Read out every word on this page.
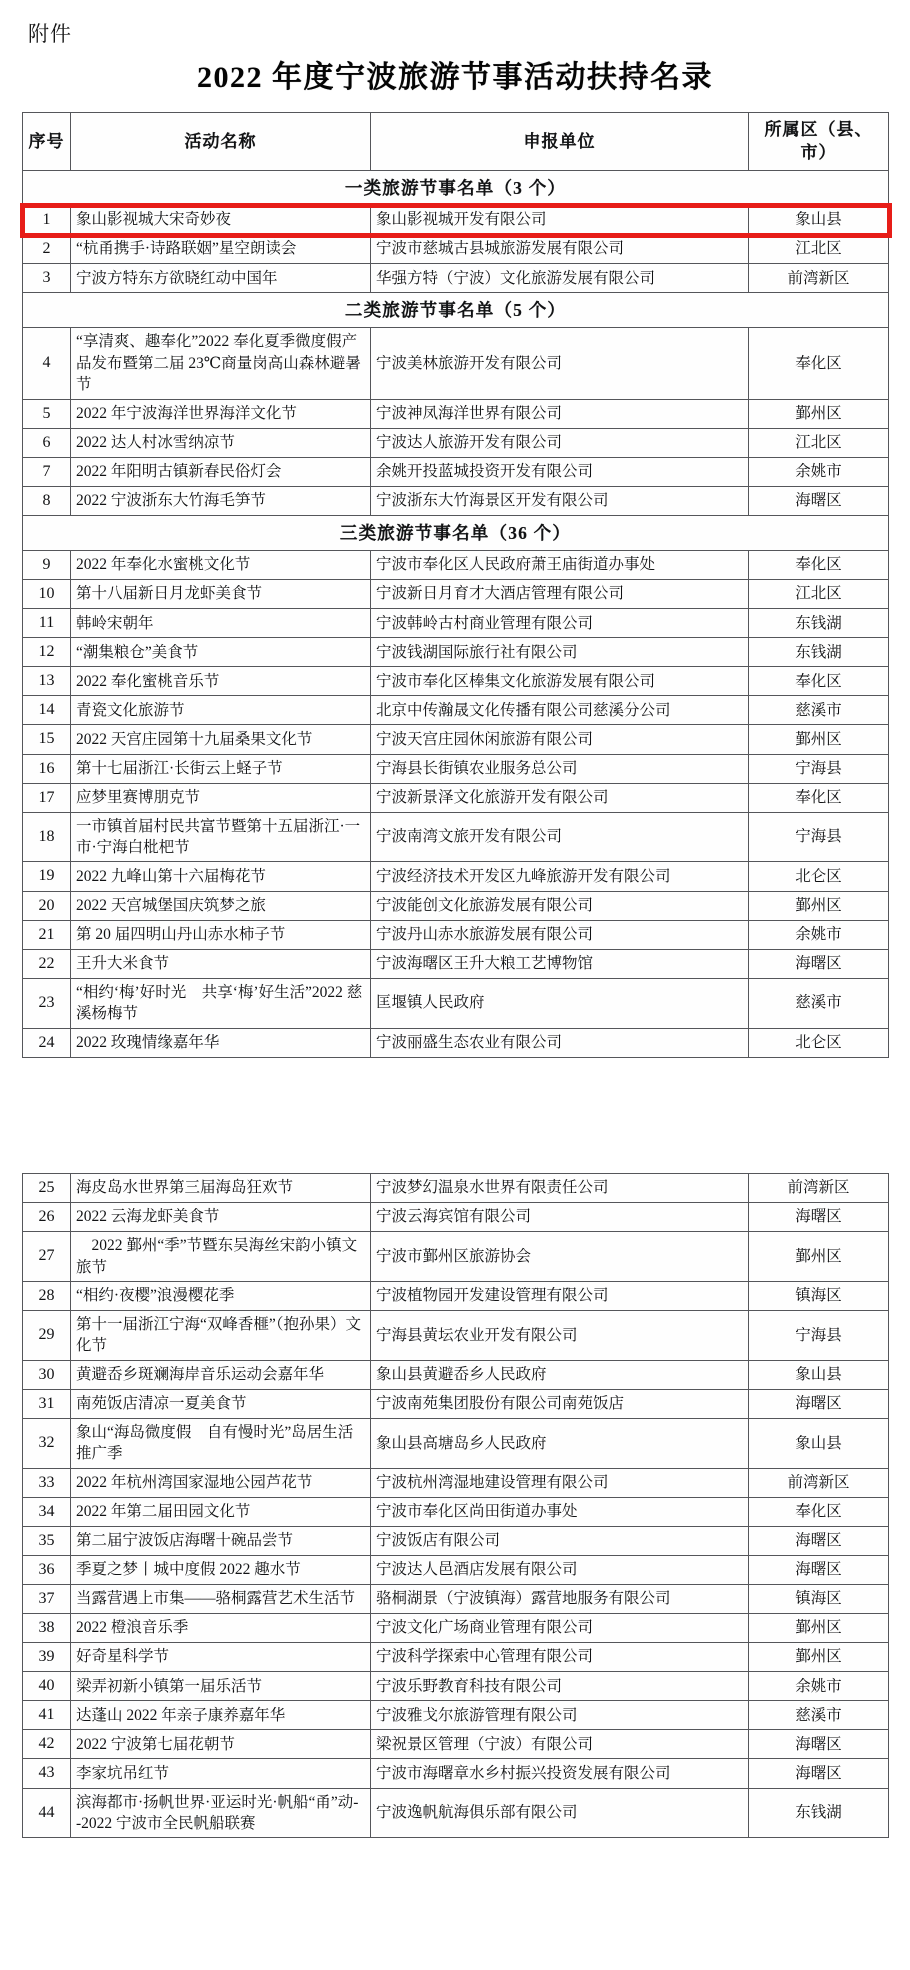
附件
2022 年度宁波旅游节事活动扶持名录
序号	活动名称	申报单位	所属区（县、市）
一类旅游节事名单（3 个）			
1	象山影视城大宋奇妙夜	象山影视城开发有限公司	象山县
2	“杭甬携手·诗路联姻”星空朗读会	宁波市慈城古县城旅游发展有限公司	江北区
3	宁波方特东方欲晓红动中国年	华强方特（宁波）文化旅游发展有限公司	前湾新区
二类旅游节事名单（5 个）			
4	“享清爽、趣奉化”2022 奉化夏季微度假产品发布暨第二届 23℃商量岗高山森林避暑节	宁波美林旅游开发有限公司	奉化区
5	2022 年宁波海洋世界海洋文化节	宁波神凤海洋世界有限公司	鄞州区
6	2022 达人村冰雪纳凉节	宁波达人旅游开发有限公司	江北区
7	2022 年阳明古镇新春民俗灯会	余姚开投蓝城投资开发有限公司	余姚市
8	2022 宁波浙东大竹海毛笋节	宁波浙东大竹海景区开发有限公司	海曙区
三类旅游节事名单（36 个）			
9	2022 年奉化水蜜桃文化节	宁波市奉化区人民政府萧王庙街道办事处	奉化区
10	第十八届新日月龙虾美食节	宁波新日月育才大酒店管理有限公司	江北区
11	韩岭宋朝年	宁波韩岭古村商业管理有限公司	东钱湖
12	“潮集粮仓”美食节	宁波钱湖国际旅行社有限公司	东钱湖
13	2022 奉化蜜桃音乐节	宁波市奉化区棒集文化旅游发展有限公司	奉化区
14	青瓷文化旅游节	北京中传瀚晟文化传播有限公司慈溪分公司	慈溪市
15	2022 天宫庄园第十九届桑果文化节	宁波天宫庄园休闲旅游有限公司	鄞州区
16	第十七届浙江·长街云上蛏子节	宁海县长街镇农业服务总公司	宁海县
17	应梦里赛博朋克节	宁波新景泽文化旅游开发有限公司	奉化区
18	一市镇首届村民共富节暨第十五届浙江·一市·宁海白枇杷节	宁波南湾文旅开发有限公司	宁海县
19	2022 九峰山第十六届梅花节	宁波经济技术开发区九峰旅游开发有限公司	北仑区
20	2022 天宫城堡国庆筑梦之旅	宁波能创文化旅游发展有限公司	鄞州区
21	第 20 届四明山丹山赤水柿子节	宁波丹山赤水旅游发展有限公司	余姚市
22	王升大米食节	宁波海曙区王升大粮工艺博物馆	海曙区
23	“相约‘梅’好时光　共享‘梅’好生活”2022 慈溪杨梅节	匡堰镇人民政府	慈溪市
24	2022 玫瑰情缘嘉年华	宁波丽盛生态农业有限公司	北仑区
25	海皮岛水世界第三届海岛狂欢节	宁波梦幻温泉水世界有限责任公司	前湾新区
26	2022 云海龙虾美食节	宁波云海宾馆有限公司	海曙区
27	　2022 鄞州“季”节暨东吴海丝宋韵小镇文旅节	宁波市鄞州区旅游协会	鄞州区
28	“相约·夜樱”浪漫樱花季	宁波植物园开发建设管理有限公司	镇海区
29	第十一届浙江宁海“双峰香榧”（抱孙果）文化节	宁海县黄坛农业开发有限公司	宁海县
30	黄避岙乡斑斓海岸音乐运动会嘉年华	象山县黄避岙乡人民政府	象山县
31	南苑饭店清凉一夏美食节	宁波南苑集团股份有限公司南苑饭店	海曙区
32	象山“海岛微度假　自有慢时光”岛居生活推广季	象山县高塘岛乡人民政府	象山县
33	2022 年杭州湾国家湿地公园芦花节	宁波杭州湾湿地建设管理有限公司	前湾新区
34	2022 年第二届田园文化节	宁波市奉化区尚田街道办事处	奉化区
35	第二届宁波饭店海曙十碗品尝节	宁波饭店有限公司	海曙区
36	季夏之梦丨城中度假 2022 趣水节	宁波达人邑酒店发展有限公司	海曙区
37	当露营遇上市集——骆桐露营艺术生活节	骆桐湖景（宁波镇海）露营地服务有限公司	镇海区
38	2022 橙浪音乐季	宁波文化广场商业管理有限公司	鄞州区
39	好奇星科学节	宁波科学探索中心管理有限公司	鄞州区
40	梁弄初新小镇第一届乐活节	宁波乐野教育科技有限公司	余姚市
41	达蓬山 2022 年亲子康养嘉年华	宁波雅戈尔旅游管理有限公司	慈溪市
42	2022 宁波第七届花朝节	梁祝景区管理（宁波）有限公司	海曙区
43	李家坑吊红节	宁波市海曙章水乡村振兴投资发展有限公司	海曙区
44	滨海都市·扬帆世界·亚运时光·帆船“甬”动--2022 宁波市全民帆船联赛	宁波逸帆航海俱乐部有限公司	东钱湖
